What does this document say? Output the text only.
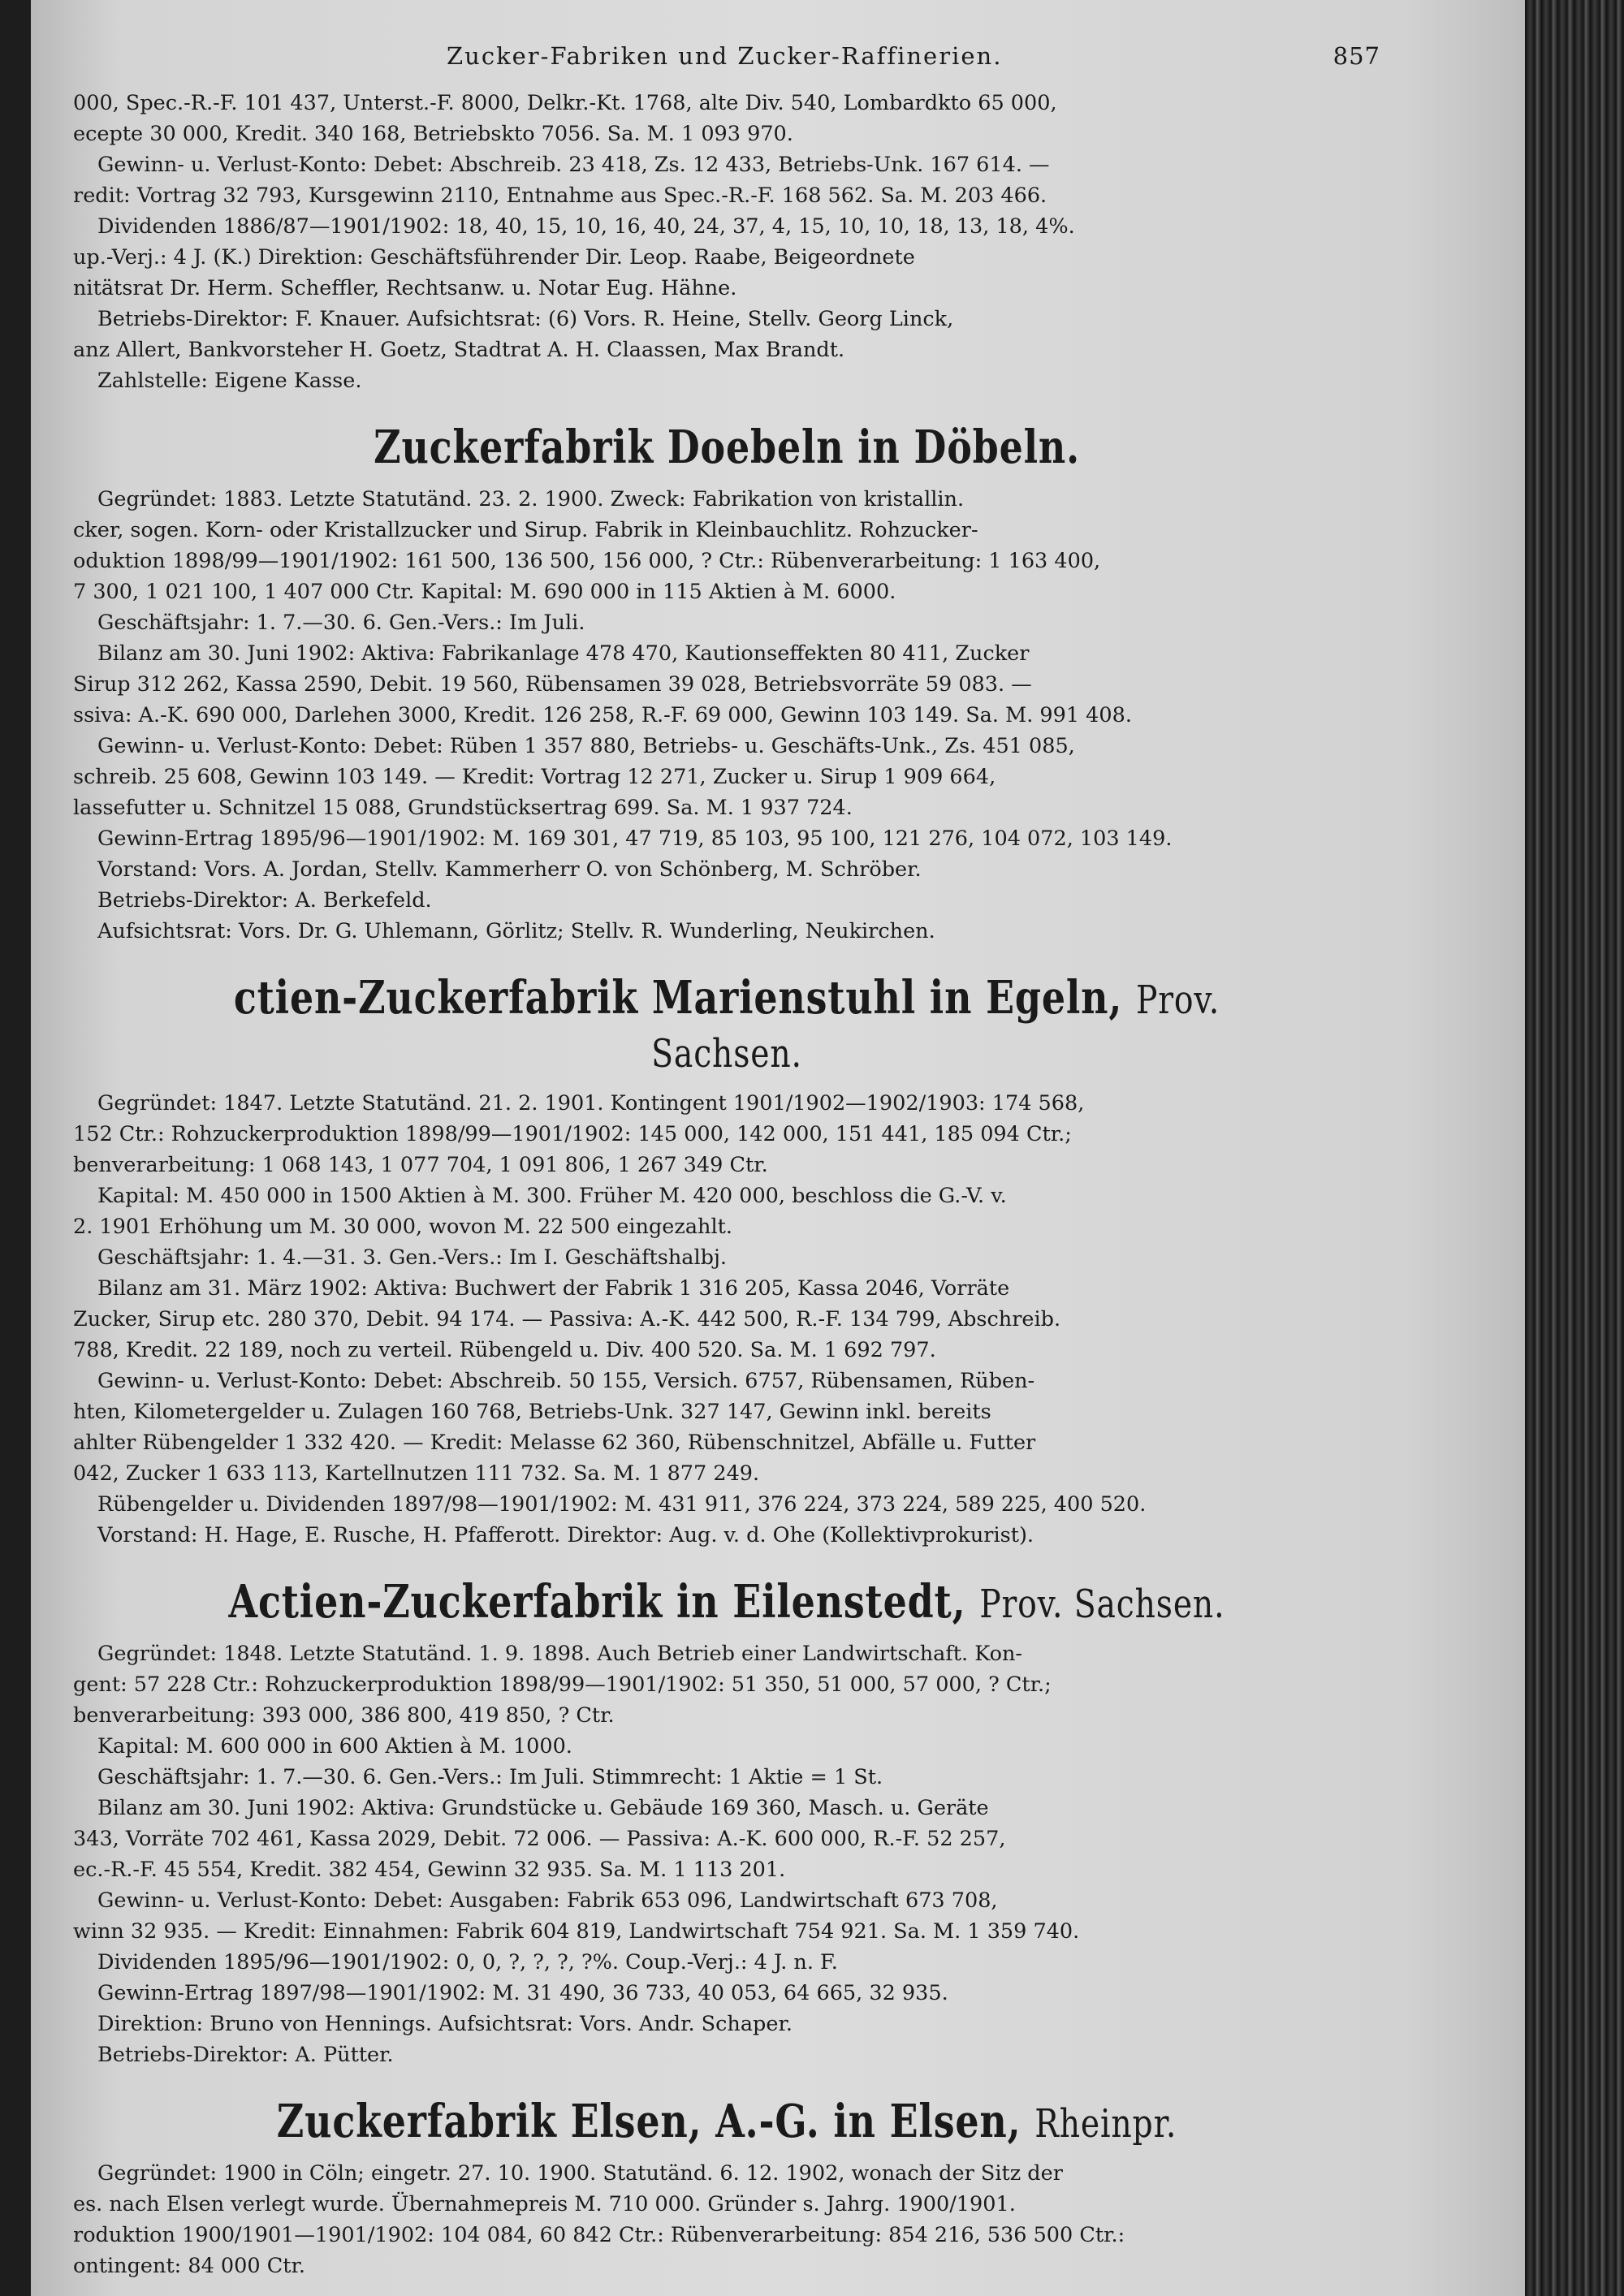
Zucker-Fabriken und Zucker-Raffinerien.	857

000, Spec.-R.-F. 101 437, Unterst.-F. 8000, Delkr.-Kt. 1768, alte Div. 540, Lombardkto 65 000,

ecepte 30 000, Kredit. 340 168, Betriebskto 7056. Sa. M. 1 093 970.

Gewinn- u. Verlust-Konto: Debet: Abschreib. 23 418, Zs. 12 433, Betriebs-Unk. 167 614. —

redit: Vortrag 32 793, Kursgewinn 2110, Entnahme aus Spec.-R.-F. 168 562. Sa. M. 203 466.

Dividenden 1886/87—1901/1902: 18, 40, 15, 10, 16, 40, 24, 37, 4, 15, 10, 10, 18, 13, 18, 4%.

up.-Verj.: 4 J. (K.) Direktion: Geschäftsführender Dir. Leop. Raabe, Beigeordnete

nitätsrat Dr. Herm. Scheffler, Rechtsanw. u. Notar Eug. Hähne.

Betriebs-Direktor: F. Knauer. Aufsichtsrat: (6) Vors. R. Heine, Stellv. Georg Linck,

anz Allert, Bankvorsteher H. Goetz, Stadtrat A. H. Claassen, Max Brandt.

Zahlstelle: Eigene Kasse.

Zuckerfabrik Doebeln in Döbeln.

Gegründet: 1883. Letzte Statutänd. 23. 2. 1900. Zweck: Fabrikation von kristallin.

cker, sogen. Korn- oder Kristallzucker und Sirup. Fabrik in Kleinbauchlitz. Rohzucker-

oduktion 1898/99—1901/1902: 161 500, 136 500, 156 000, ? Ctr.: Rübenverarbeitung: 1 163 400,

7 300, 1 021 100, 1 407 000 Ctr. Kapital: M. 690 000 in 115 Aktien à M. 6000.

Geschäftsjahr: 1. 7.—30. 6. Gen.-Vers.: Im Juli.

Bilanz am 30. Juni 1902: Aktiva: Fabrikanlage 478 470, Kautionseffekten 80 411, Zucker

Sirup 312 262, Kassa 2590, Debit. 19 560, Rübensamen 39 028, Betriebsvorräte 59 083. —

ssiva: A.-K. 690 000, Darlehen 3000, Kredit. 126 258, R.-F. 69 000, Gewinn 103 149. Sa. M. 991 408.

Gewinn- u. Verlust-Konto: Debet: Rüben 1 357 880, Betriebs- u. Geschäfts-Unk., Zs. 451 085,

schreib. 25 608, Gewinn 103 149. — Kredit: Vortrag 12 271, Zucker u. Sirup 1 909 664,

lassefutter u. Schnitzel 15 088, Grundstücksertrag 699. Sa. M. 1 937 724.

Gewinn-Ertrag 1895/96—1901/1902: M. 169 301, 47 719, 85 103, 95 100, 121 276, 104 072, 103 149.

Vorstand: Vors. A. Jordan, Stellv. Kammerherr O. von Schönberg, M. Schröber.

Betriebs-Direktor: A. Berkefeld.

Aufsichtsrat: Vors. Dr. G. Uhlemann, Görlitz; Stellv. R. Wunderling, Neukirchen.

ctien-Zuckerfabrik Marienstuhl in Egeln, Prov. Sachsen.

Gegründet: 1847. Letzte Statutänd. 21. 2. 1901. Kontingent 1901/1902—1902/1903: 174 568,

152 Ctr.: Rohzuckerproduktion 1898/99—1901/1902: 145 000, 142 000, 151 441, 185 094 Ctr.;

benverarbeitung: 1 068 143, 1 077 704, 1 091 806, 1 267 349 Ctr.

Kapital: M. 450 000 in 1500 Aktien à M. 300. Früher M. 420 000, beschloss die G.-V. v.

2. 1901 Erhöhung um M. 30 000, wovon M. 22 500 eingezahlt.

Geschäftsjahr: 1. 4.—31. 3. Gen.-Vers.: Im I. Geschäftshalbj.

Bilanz am 31. März 1902: Aktiva: Buchwert der Fabrik 1 316 205, Kassa 2046, Vorräte

Zucker, Sirup etc. 280 370, Debit. 94 174. — Passiva: A.-K. 442 500, R.-F. 134 799, Abschreib.

788, Kredit. 22 189, noch zu verteil. Rübengeld u. Div. 400 520. Sa. M. 1 692 797.

Gewinn- u. Verlust-Konto: Debet: Abschreib. 50 155, Versich. 6757, Rübensamen, Rüben-

hten, Kilometergelder u. Zulagen 160 768, Betriebs-Unk. 327 147, Gewinn inkl. bereits

ahlter Rübengelder 1 332 420. — Kredit: Melasse 62 360, Rübenschnitzel, Abfälle u. Futter

042, Zucker 1 633 113, Kartellnutzen 111 732. Sa. M. 1 877 249.

Rübengelder u. Dividenden 1897/98—1901/1902: M. 431 911, 376 224, 373 224, 589 225, 400 520.

Vorstand: H. Hage, E. Rusche, H. Pfafferott. Direktor: Aug. v. d. Ohe (Kollektivprokurist).

Actien-Zuckerfabrik in Eilenstedt, Prov. Sachsen.

Gegründet: 1848. Letzte Statutänd. 1. 9. 1898. Auch Betrieb einer Landwirtschaft. Kon-

gent: 57 228 Ctr.: Rohzuckerproduktion 1898/99—1901/1902: 51 350, 51 000, 57 000, ? Ctr.;

benverarbeitung: 393 000, 386 800, 419 850, ? Ctr.

Kapital: M. 600 000 in 600 Aktien à M. 1000.

Geschäftsjahr: 1. 7.—30. 6. Gen.-Vers.: Im Juli. Stimmrecht: 1 Aktie = 1 St.

Bilanz am 30. Juni 1902: Aktiva: Grundstücke u. Gebäude 169 360, Masch. u. Geräte

343, Vorräte 702 461, Kassa 2029, Debit. 72 006. — Passiva: A.-K. 600 000, R.-F. 52 257,

ec.-R.-F. 45 554, Kredit. 382 454, Gewinn 32 935. Sa. M. 1 113 201.

Gewinn- u. Verlust-Konto: Debet: Ausgaben: Fabrik 653 096, Landwirtschaft 673 708,

winn 32 935. — Kredit: Einnahmen: Fabrik 604 819, Landwirtschaft 754 921. Sa. M. 1 359 740.

Dividenden 1895/96—1901/1902: 0, 0, ?, ?, ?, ?%. Coup.-Verj.: 4 J. n. F.

Gewinn-Ertrag 1897/98—1901/1902: M. 31 490, 36 733, 40 053, 64 665, 32 935.

Direktion: Bruno von Hennings. Aufsichtsrat: Vors. Andr. Schaper.

Betriebs-Direktor: A. Pütter.

Zuckerfabrik Elsen, A.-G. in Elsen, Rheinpr.

Gegründet: 1900 in Cöln; eingetr. 27. 10. 1900. Statutänd. 6. 12. 1902, wonach der Sitz der

es. nach Elsen verlegt wurde. Übernahmepreis M. 710 000. Gründer s. Jahrg. 1900/1901.

roduktion 1900/1901—1901/1902: 104 084, 60 842 Ctr.: Rübenverarbeitung: 854 216, 536 500 Ctr.:

ontingent: 84 000 Ctr.
